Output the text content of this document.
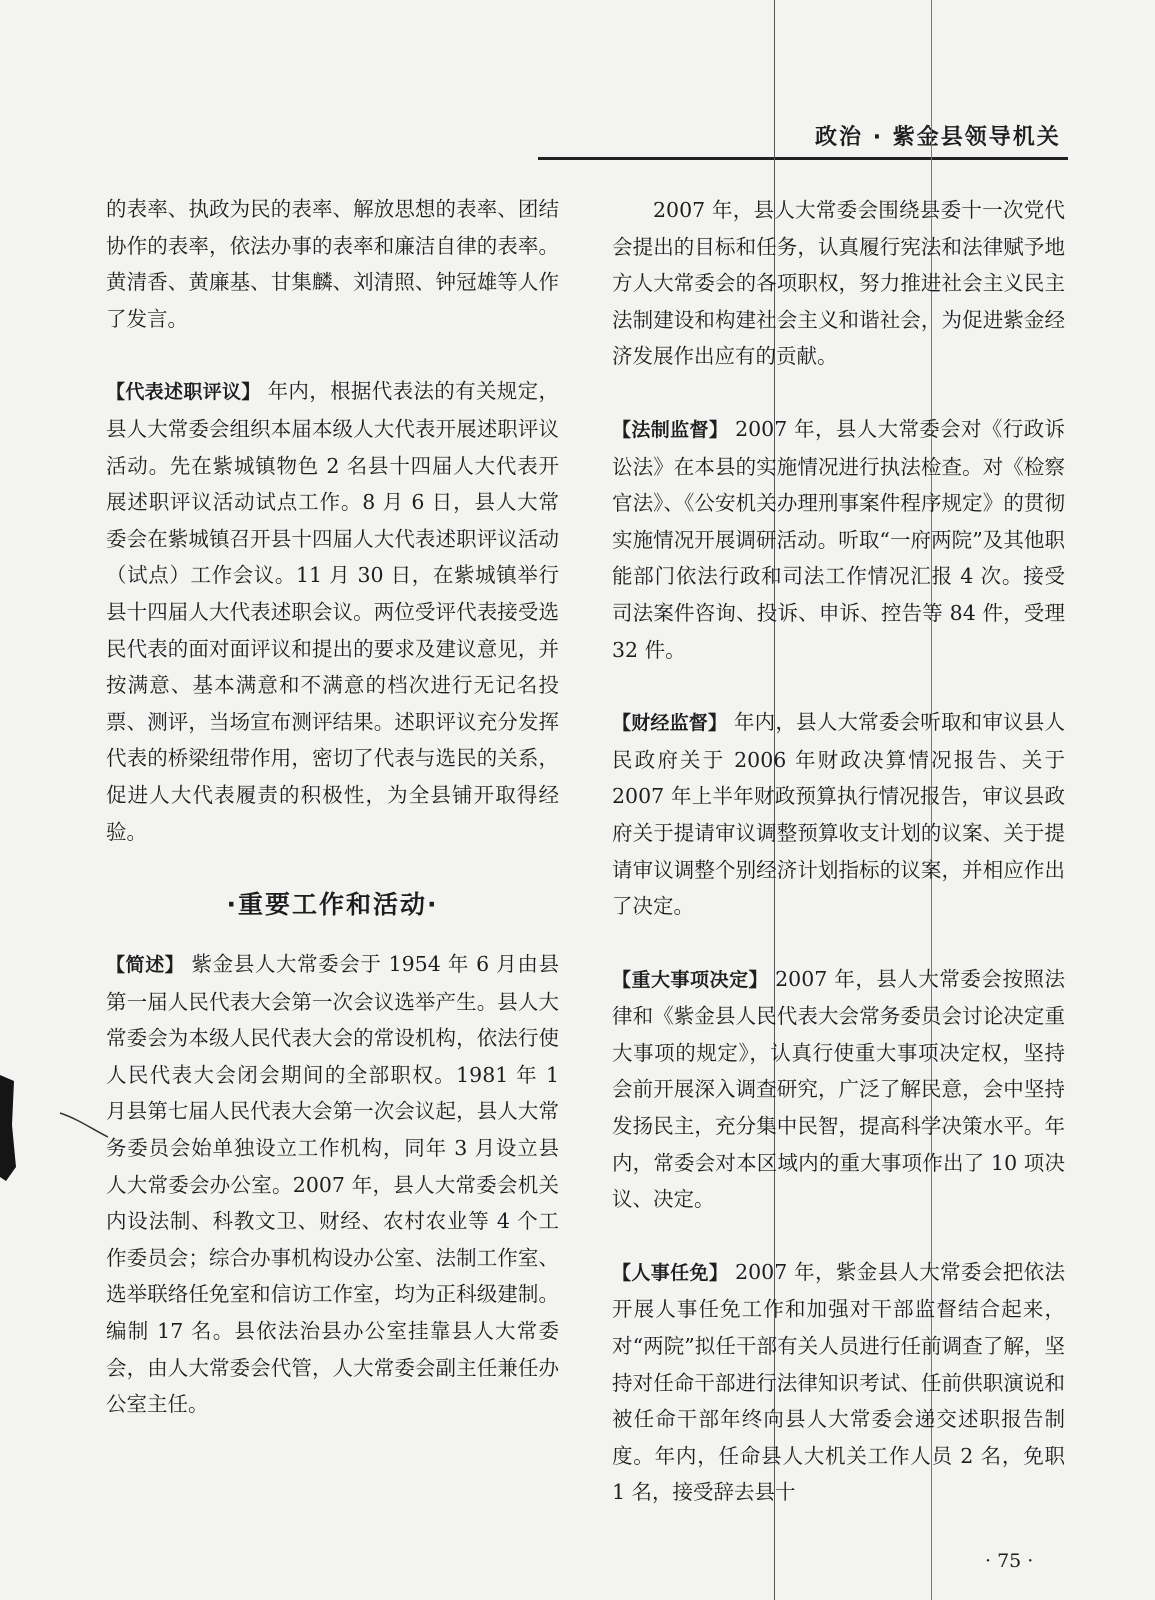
政治 · 紫金县领导机关

的表率、执政为民的表率、解放思想的表率、团结协作的表率，依法办事的表率和廉洁自律的表率。黄清香、黄廉基、甘集麟、刘清照、钟冠雄等人作了发言。

【代表述职评议】 年内，根据代表法的有关规定，县人大常委会组织本届本级人大代表开展述职评议活动。先在紫城镇物色 2 名县十四届人大代表开展述职评议活动试点工作。8 月 6 日，县人大常委会在紫城镇召开县十四届人大代表述职评议活动（试点）工作会议。11 月 30 日，在紫城镇举行县十四届人大代表述职会议。两位受评代表接受选民代表的面对面评议和提出的要求及建议意见，并按满意、基本满意和不满意的档次进行无记名投票、测评，当场宣布测评结果。述职评议充分发挥代表的桥梁纽带作用，密切了代表与选民的关系，促进人大代表履责的积极性，为全县铺开取得经验。

·重要工作和活动·

【简述】 紫金县人大常委会于 1954 年 6 月由县第一届人民代表大会第一次会议选举产生。县人大常委会为本级人民代表大会的常设机构，依法行使人民代表大会闭会期间的全部职权。1981 年 1 月县第七届人民代表大会第一次会议起，县人大常务委员会始单独设立工作机构，同年 3 月设立县人大常委会办公室。2007 年，县人大常委会机关内设法制、科教文卫、财经、农村农业等 4 个工作委员会；综合办事机构设办公室、法制工作室、选举联络任免室和信访工作室，均为正科级建制。编制 17 名。县依法治县办公室挂靠县人大常委会，由人大常委会代管，人大常委会副主任兼任办公室主任。

2007 年，县人大常委会围绕县委十一次党代会提出的目标和任务，认真履行宪法和法律赋予地方人大常委会的各项职权，努力推进社会主义民主法制建设和构建社会主义和谐社会，为促进紫金经济发展作出应有的贡献。

【法制监督】 2007 年，县人大常委会对《行政诉讼法》在本县的实施情况进行执法检查。对《检察官法》、《公安机关办理刑事案件程序规定》的贯彻实施情况开展调研活动。听取“一府两院”及其他职能部门依法行政和司法工作情况汇报 4 次。接受司法案件咨询、投诉、申诉、控告等 84 件，受理 32 件。

【财经监督】 年内，县人大常委会听取和审议县人民政府关于 2006 年财政决算情况报告、关于 2007 年上半年财政预算执行情况报告，审议县政府关于提请审议调整预算收支计划的议案、关于提请审议调整个别经济计划指标的议案，并相应作出了决定。

【重大事项决定】 2007 年，县人大常委会按照法律和《紫金县人民代表大会常务委员会讨论决定重大事项的规定》，认真行使重大事项决定权，坚持会前开展深入调查研究，广泛了解民意，会中坚持发扬民主，充分集中民智，提高科学决策水平。年内，常委会对本区域内的重大事项作出了 10 项决议、决定。

【人事任免】 2007 年，紫金县人大常委会把依法开展人事任免工作和加强对干部监督结合起来，对“两院”拟任干部有关人员进行任前调查了解，坚持对任命干部进行法律知识考试、任前供职演说和被任命干部年终向县人大常委会递交述职报告制度。年内，任命县人大机关工作人员 2 名，免职 1 名，接受辞去县十

· 75 ·
